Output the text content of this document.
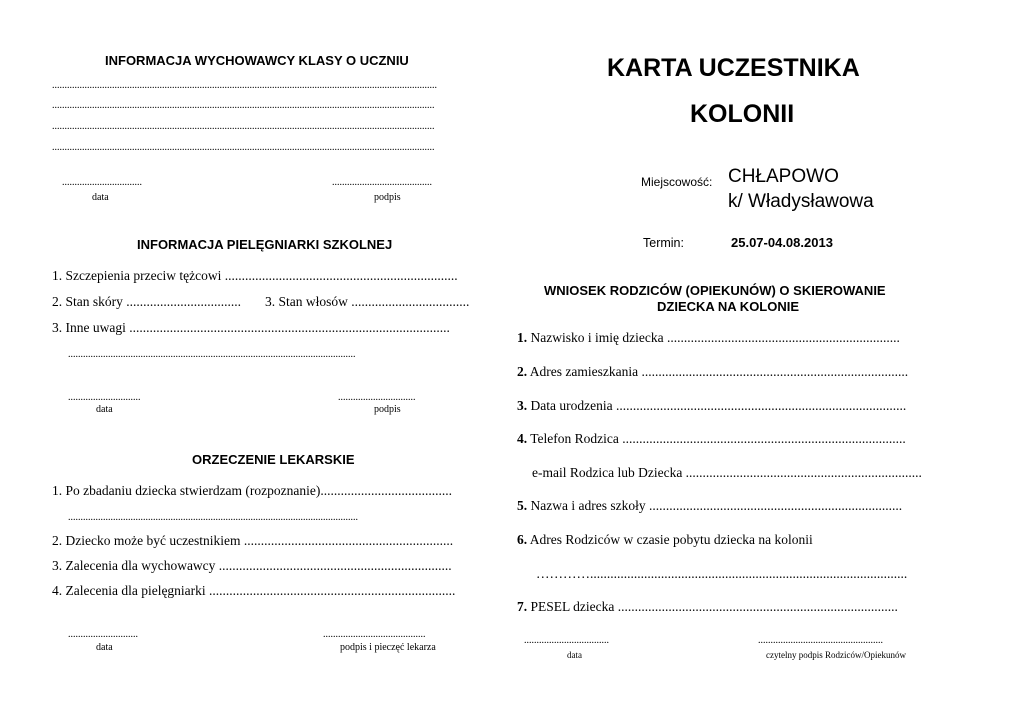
INFORMACJA WYCHOWAWCY KLASY O UCZNIU
..........................................................................................................................................................
.........................................................................................................................................................
.........................................................................................................................................................
.........................................................................................................................................................
................................	........................................
data	podpis
INFORMACJA PIELĘGNIARKI SZKOLNEJ
1. Szczepienia przeciw tężcowi .....................................................................
2. Stan skóry .................................. 3. Stan włosów ...................................
3. Inne uwagi ...............................................................................................
...................................................................................................................
.............................	...............................
data	podpis
ORZECZENIE LEKARSKIE
1. Po zbadaniu dziecka stwierdzam (rozpoznanie).......................................
....................................................................................................................
2. Dziecko może być uczestnikiem ..............................................................
3. Zalecenia dla wychowawcy .....................................................................
4. Zalecenia dla pielęgniarki .........................................................................
............................	.........................................
data	podpis i pieczęć lekarza
KARTA UCZESTNIKA
KOLONII
Miejscowość: CHŁAPOWO
k/ Władysławowa
Termin:	25.07-04.08.2013
WNIOSEK RODZICÓW (OPIEKUNÓW) O SKIEROWANIE
DZIECKA NA KOLONIE
1. Nazwisko i imię dziecka .....................................................................
2. Adres zamieszkania ...............................................................................
3. Data urodzenia ......................................................................................
4. Telefon Rodzica ....................................................................................
e-mail Rodzica lub Dziecka ......................................................................
5. Nazwa i adres szkoły ...........................................................................
6. Adres Rodziców w czasie pobytu dziecka na kolonii
…………..............................................................................................
7. PESEL dziecka ...................................................................................
..................................	..................................................
data	czytelny podpis Rodziców/Opiekunów
